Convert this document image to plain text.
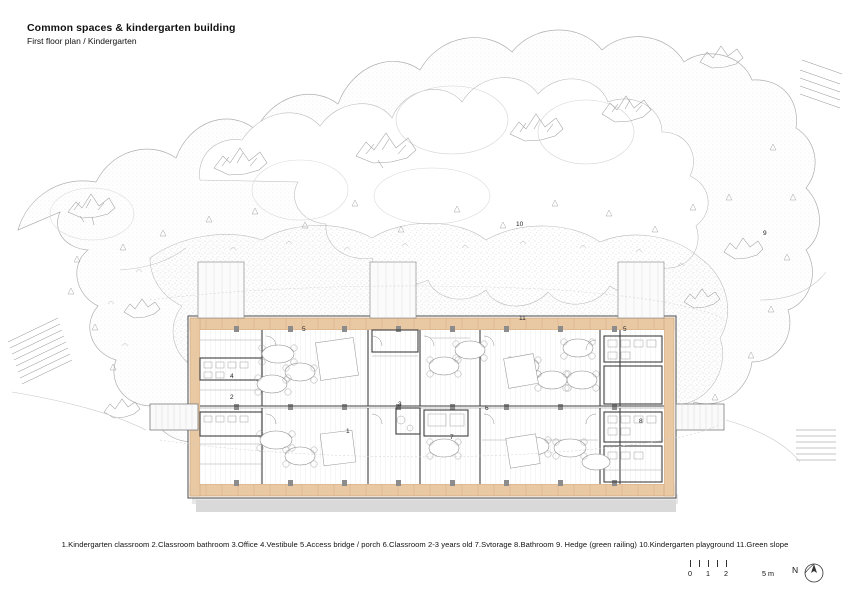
10
11
9
4
2
1
3
6
7
8
5	5
Common spaces & kindergarten building
First floor plan / Kindergarten
1.Kindergarten classroom 2.Classroom bathroom 3.Office 4.Vestibule 5.Access bridge / porch 6.Classroom 2-3 years old 7.Svtorage 8.Bathroom 9. Hedge (green railing) 10.Kindergarten playground 11.Green slope
0 1 2	5 m N
